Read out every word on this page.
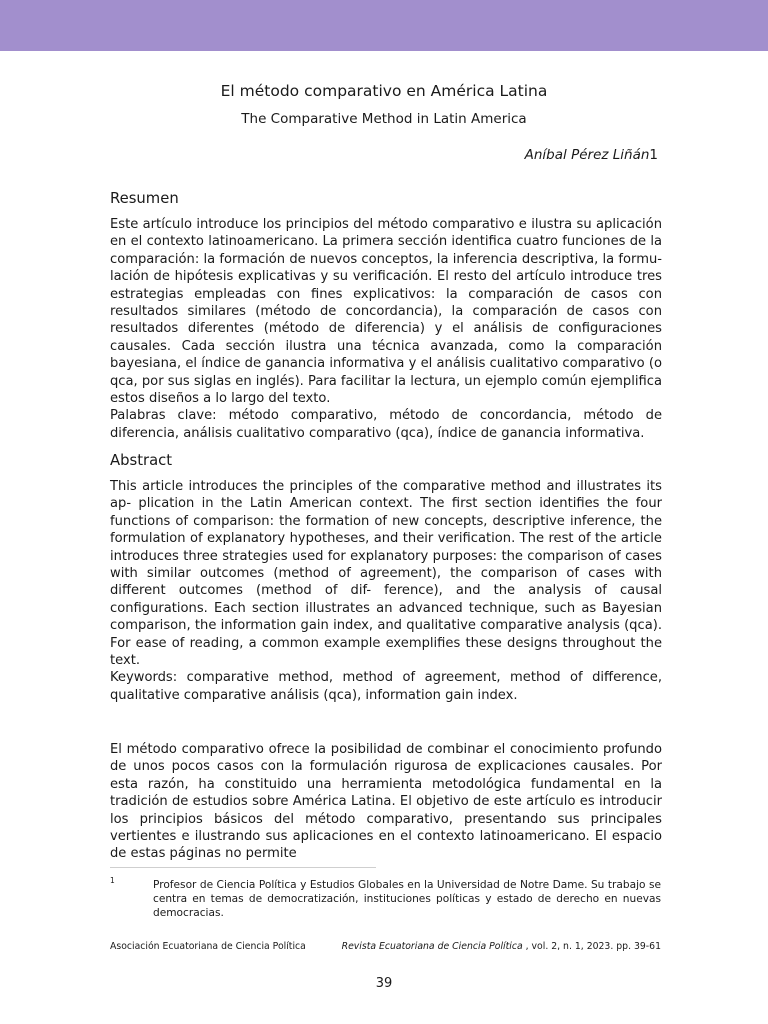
El método comparativo en América Latina
The Comparative Method in Latin America
Aníbal Pérez Liñán1
Resumen

Este artículo introduce los principios del método comparativo e ilustra su aplicación en el contexto latinoamericano. La primera sección identifica cuatro funciones de la comparación: la formación de nuevos conceptos, la inferencia descriptiva, la formu- lación de hipótesis explicativas y su verificación. El resto del artículo introduce tres estrategias empleadas con fines explicativos: la comparación de casos con resultados similares (método de concordancia), la comparación de casos con resultados diferentes (método de diferencia) y el análisis de configuraciones causales. Cada sección ilustra una técnica avanzada, como la comparación bayesiana, el índice de ganancia informativa y el análisis cualitativo comparativo (o qca, por sus siglas en inglés). Para facilitar la lectura, un ejemplo común ejemplifica estos diseños a lo largo del texto.

Palabras clave: método comparativo, método de concordancia, método de diferencia, análisis cualitativo comparativo (qca), índice de ganancia informativa.

Abstract

This article introduces the principles of the comparative method and illustrates its ap- plication in the Latin American context. The first section identifies the four functions of comparison: the formation of new concepts, descriptive inference, the formulation of explanatory hypotheses, and their verification. The rest of the article introduces three strategies used for explanatory purposes: the comparison of cases with similar outcomes (method of agreement), the comparison of cases with different outcomes (method of dif- ference), and the analysis of causal configurations. Each section illustrates an advanced technique, such as Bayesian comparison, the information gain index, and qualitative comparative analysis (qca). For ease of reading, a common example exemplifies these designs throughout the text.

Keywords: comparative method, method of agreement, method of difference, qualitative comparative análisis (qca), information gain index.

El método comparativo ofrece la posibilidad de combinar el conocimiento profundo de unos pocos casos con la formulación rigurosa de explicaciones causales. Por esta razón, ha constituido una herramienta metodológica fundamental en la tradición de estudios sobre América Latina. El objetivo de este artículo es introducir los principios básicos del método comparativo, presentando sus principales vertientes e ilustrando sus aplicaciones en el contexto latinoamericano. El espacio de estas páginas no permite

1	Profesor de Ciencia Política y Estudios Globales en la Universidad de Notre Dame. Su trabajo se centra en temas de democratización, instituciones políticas y estado de derecho en nuevas democracias.
Asociación Ecuatoriana de Ciencia Política	Revista Ecuatoriana de Ciencia Política , vol. 2, n. 1, 2023. pp. 39-61
39
